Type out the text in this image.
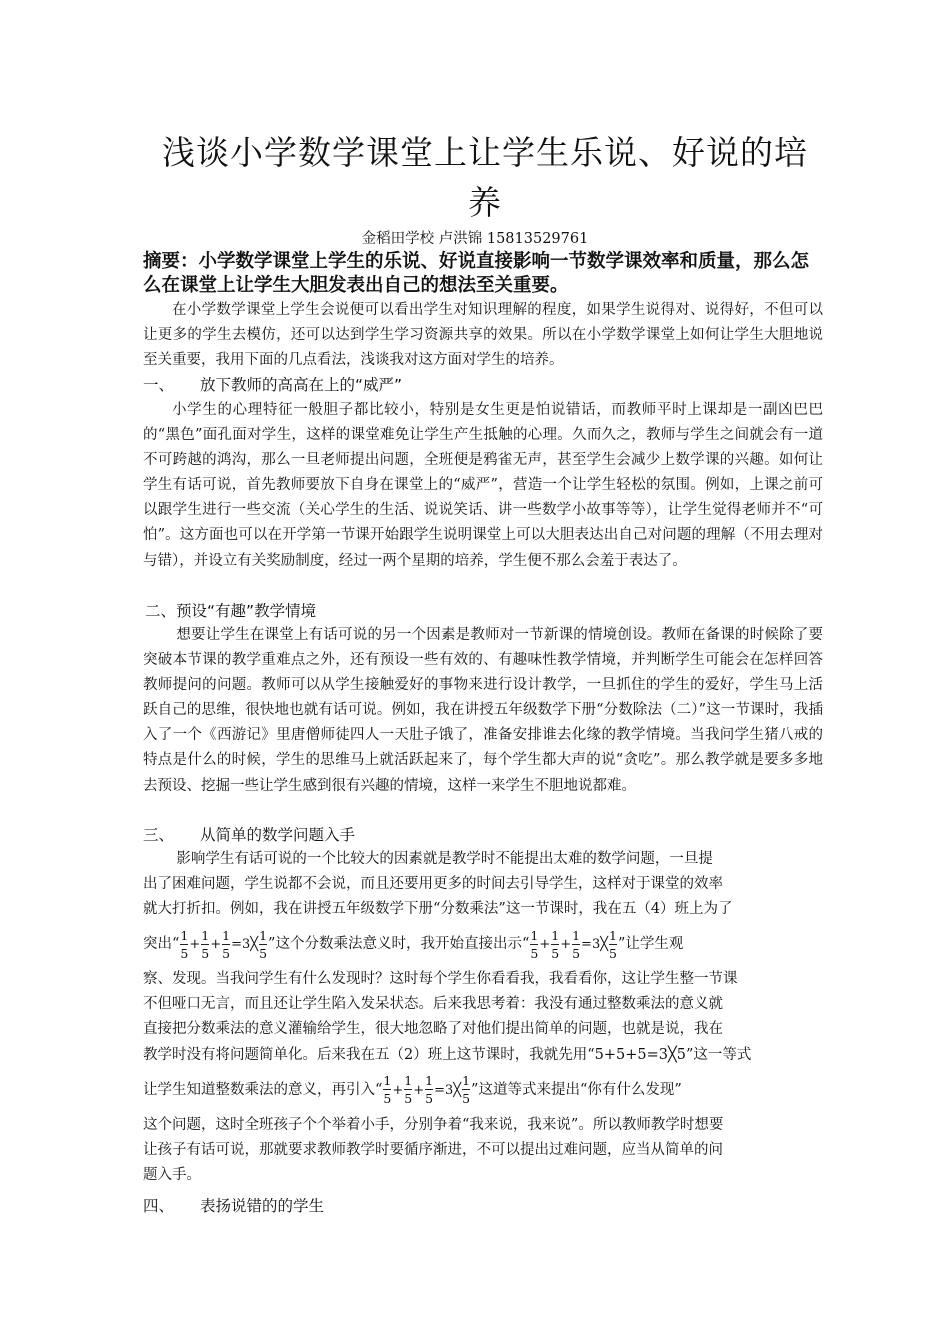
浅谈小学数学课堂上让学生乐说、好说的培
养
金稻田学校 卢洪锦 15813529761
摘要：小学数学课堂上学生的乐说、好说直接影响一节数学课效率和质量，那么怎么在课堂上让学生大胆发表出自己的想法至关重要。
在小学数学课堂上学生会说便可以看出学生对知识理解的程度，如果学生说得对、说得好，不但可以让更多的学生去模仿，还可以达到学生学习资源共享的效果。所以在小学数学课堂上如何让学生大胆地说至关重要，我用下面的几点看法，浅谈我对这方面对学生的培养。
一、 放下教师的高高在上的“威严”
小学生的心理特征一般胆子都比较小，特别是女生更是怕说错话，而教师平时上课却是一副凶巴巴的“黑色”面孔面对学生，这样的课堂难免让学生产生抵触的心理。久而久之，教师与学生之间就会有一道不可跨越的鸿沟，那么一旦老师提出问题，全班便是鸦雀无声，甚至学生会减少上数学课的兴趣。如何让学生有话可说，首先教师要放下自身在课堂上的“威严”，营造一个让学生轻松的氛围。例如，上课之前可以跟学生进行一些交流（关心学生的生活、说说笑话、讲一些数学小故事等等），让学生觉得老师并不“可怕”。这方面也可以在开学第一节课开始跟学生说明课堂上可以大胆表达出自己对问题的理解（不用去理对与错），并设立有关奖励制度，经过一两个星期的培养，学生便不那么会羞于表达了。
二、预设“有趣”教学情境
想要让学生在课堂上有话可说的另一个因素是教师对一节新课的情境创设。教师在备课的时候除了要突破本节课的教学重难点之外，还有预设一些有效的、有趣味性教学情境，并判断学生可能会在怎样回答教师提问的问题。教师可以从学生接触爱好的事物来进行设计教学，一旦抓住的学生的爱好，学生马上活跃自己的思维，很快地也就有话可说。例如，我在讲授五年级数学下册“分数除法（二）”这一节课时，我插入了一个《西游记》里唐僧师徒四人一天肚子饿了，准备安排谁去化缘的教学情境。当我问学生猪八戒的特点是什么的时候，学生的思维马上就活跃起来了，每个学生都大声的说“贪吃”。那么教学就是要多多地去预设、挖掘一些让学生感到很有兴趣的情境，这样一来学生不胆地说都难。
三、 从简单的数学问题入手
影响学生有话可说的一个比较大的因素就是教学时不能提出太难的数学问题，一旦提
出了困难问题，学生说都不会说，而且还要用更多的时间去引导学生，这样对于课堂的效率
就大打折扣。例如，我在讲授五年级数学下册“分数乘法”这一节课时，我在五（4）班上为了
突出“ $\frac{1}{5} + \frac{1}{5} + \frac{1}{5}$ =3╳ $\frac{1}{5}$ ”这个分数乘法意义时，我开始直接出示“ $\frac{1}{5} + \frac{1}{5} + \frac{1}{5}$ =3╳ $\frac{1}{5}$ ”让学生观
察、发现。当我问学生有什么发现时？这时每个学生你看看我，我看看你，这让学生整一节课
不但哑口无言，而且还让学生陷入发呆状态。后来我思考着：我没有通过整数乘法的意义就
直接把分数乘法的意义灌输给学生，很大地忽略了对他们提出简单的问题，也就是说，我在
教学时没有将问题简单化。后来我在五（2）班上这节课时，我就先用“5+5+5=3╳5”这一等式
让学生知道整数乘法的意义，再引入“ $\frac{1}{5} + \frac{1}{5} + \frac{1}{5}$ =3╳ $\frac{1}{5}$ ”这道等式来提出“你有什么发现”
这个问题，这时全班孩子个个举着小手，分别争着“我来说，我来说”。所以教师教学时想要
让孩子有话可说，那就要求教师教学时要循序渐进，不可以提出过难问题，应当从简单的问
题入手。
四、 表扬说错的的学生
